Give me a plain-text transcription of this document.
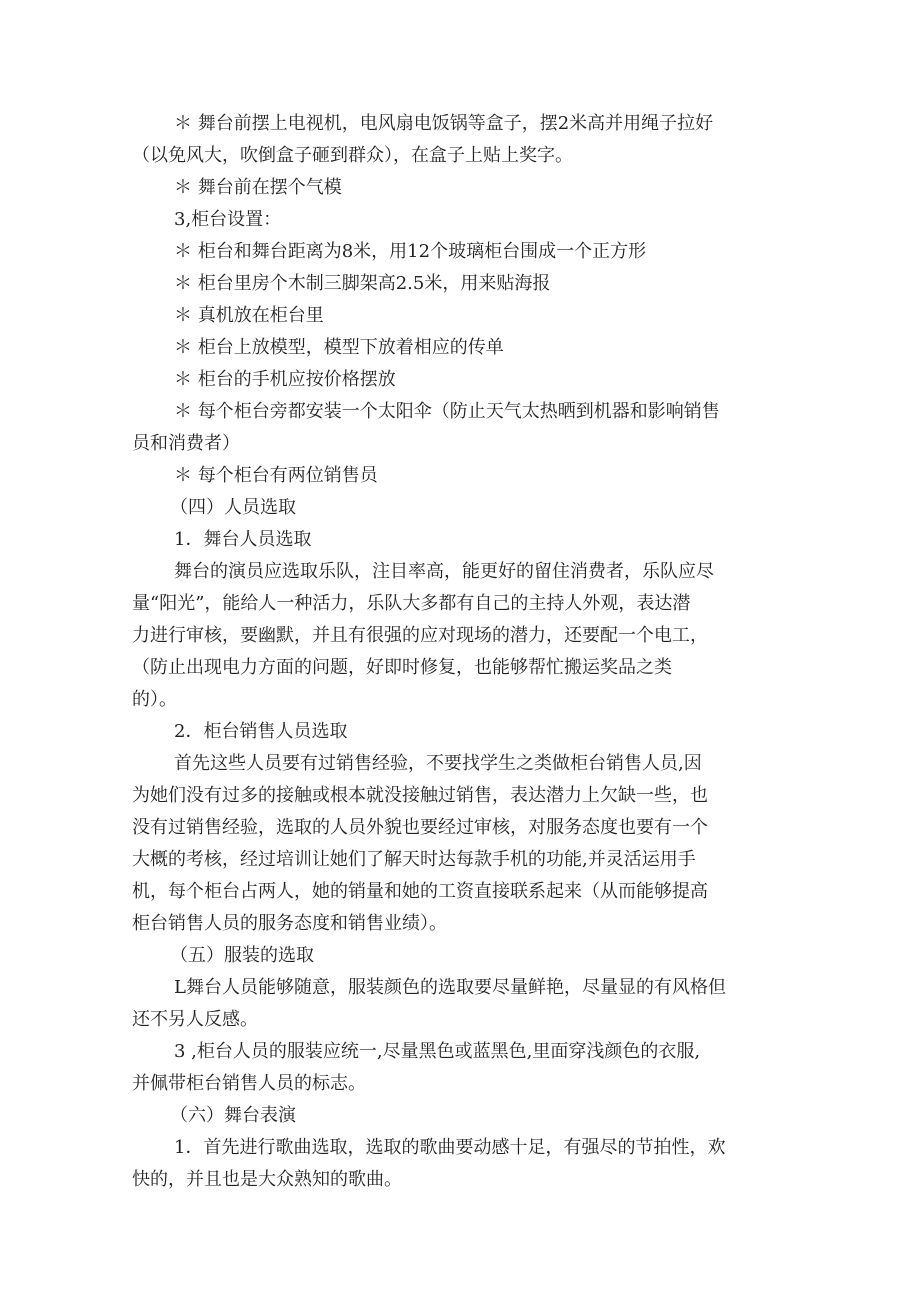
＊ 舞台前摆上电视机，电风扇电饭锅等盒子，摆2米高并用绳子拉好

（以免风大，吹倒盒子砸到群众），在盒子上贴上奖字。

＊ 舞台前在摆个气模

3,柜台设置：

＊ 柜台和舞台距离为8米，用12个玻璃柜台围成一个正方形

＊ 柜台里房个木制三脚架高2.5米，用来贴海报

＊ 真机放在柜台里

＊ 柜台上放模型，模型下放着相应的传单

＊ 柜台的手机应按价格摆放

＊ 每个柜台旁都安装一个太阳伞（防止天气太热晒到机器和影响销售

员和消费者）

＊ 每个柜台有两位销售员

（四）人员选取

1．舞台人员选取

舞台的演员应选取乐队，注目率高，能更好的留住消费者，乐队应尽

量“阳光”，能给人一种活力，乐队大多都有自己的主持人外观，表达潜

力进行审核，要幽默，并且有很强的应对现场的潜力，还要配一个电工，

（防止出现电力方面的问题，好即时修复，也能够帮忙搬运奖品之类

的）。

2．柜台销售人员选取

首先这些人员要有过销售经验，不要找学生之类做柜台销售人员,因

为她们没有过多的接触或根本就没接触过销售，表达潜力上欠缺一些，也

没有过销售经验，选取的人员外貌也要经过审核，对服务态度也要有一个

大概的考核，经过培训让她们了解天时达每款手机的功能,并灵活运用手

机，每个柜台占两人，她的销量和她的工资直接联系起来（从而能够提高

柜台销售人员的服务态度和销售业绩）。

（五）服装的选取

L舞台人员能够随意，服装颜色的选取要尽量鲜艳，尽量显的有风格但

还不另人反感。

3 ,柜台人员的服装应统一,尽量黑色或蓝黑色,里面穿浅颜色的衣服,

并佩带柜台销售人员的标志。

（六）舞台表演

1．首先进行歌曲选取，选取的歌曲要动感十足，有强尽的节拍性，欢

快的，并且也是大众熟知的歌曲。
